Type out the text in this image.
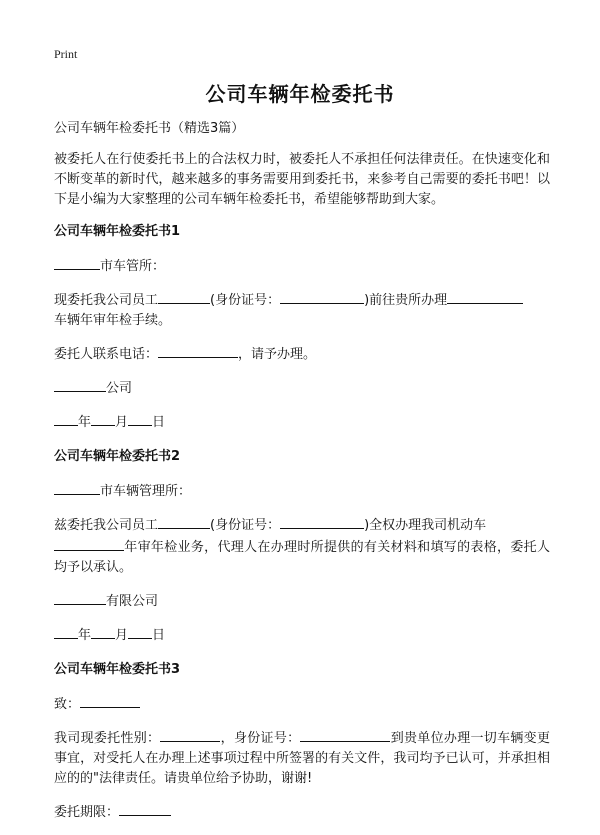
Print
公司车辆年检委托书

公司车辆年检委托书（精选3篇）

被委托人在行使委托书上的合法权力时，被委托人不承担任何法律责任。在快速变化和不断变革的新时代，越来越多的事务需要用到委托书，来参考自己需要的委托书吧！以下是小编为大家整理的公司车辆年检委托书，希望能够帮助到大家。

公司车辆年检委托书1

市车管所：

现委托我公司员工	(身份证号：	)前往贵所办理
车辆年审年检手续。

委托人联系电话：	，请予办理。

公司

年 月 日

公司车辆年检委托书2

市车辆管理所：

兹委托我公司员工	(身份证号：	)全权办理我司机动车
年审年检业务，代理人在办理时所提供的有关材料和填写的表格，委托人均予以承认。

有限公司

年 月 日

公司车辆年检委托书3

致：

我司现委托性别：	，身份证号：	到贵单位办理一切车辆变更事宜，对受托人在办理上述事项过程中所签署的有关文件，我司均予已认可，并承担相应的的"法律责任。请贵单位给予协助，谢谢!

委托期限：
